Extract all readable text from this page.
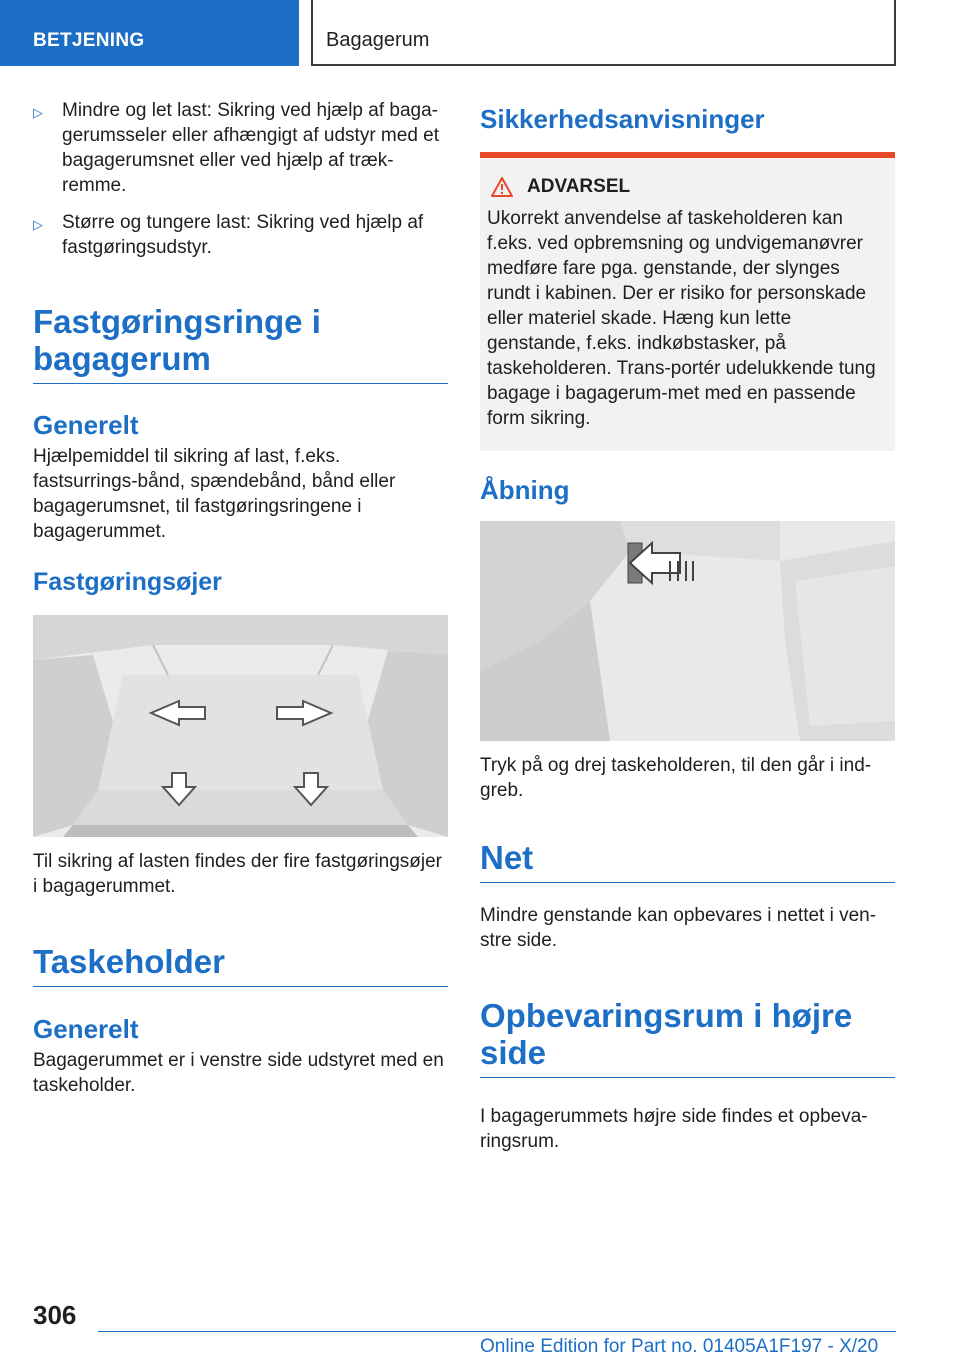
BETJENING	Bagagerum
▷ Mindre og let last: Sikring ved hjælp af baga-gerumsseler eller afhængigt af udstyr med et bagagerumsnet eller ved hjælp af træk-remme.
▷ Større og tungere last: Sikring ved hjælp af fastgøringsudstyr.
Fastgøringsringe i bagagerum
Generelt
Hjælpemiddel til sikring af last, f.eks. fastsurrings-bånd, spændebånd, bånd eller bagagerumsnet, til fastgøringsringene i bagagerummet.
Fastgøringsøjer
Til sikring af lasten findes der fire fastgøringsøjer i bagagerummet.
Taskeholder
Generelt
Bagagerummet er i venstre side udstyret med en taskeholder.
Sikkerhedsanvisninger
ADVARSEL
Ukorrekt anvendelse af taskeholderen kan f.eks. ved opbremsning og undvigemanøvrer medføre fare pga. genstande, der slynges rundt i kabinen. Der er risiko for personskade eller materiel skade. Hæng kun lette genstande, f.eks. indkøbstasker, på taskeholderen. Trans-portér udelukkende tung bagage i bagagerum-met med en passende form sikring.
Åbning
Tryk på og drej taskeholderen, til den går i ind-greb.
Net
Mindre genstande kan opbevares i nettet i ven-stre side.
Opbevaringsrum i højre side
I bagagerummets højre side findes et opbeva-ringsrum.
306
Online Edition for Part no. 01405A1F197 - X/20
